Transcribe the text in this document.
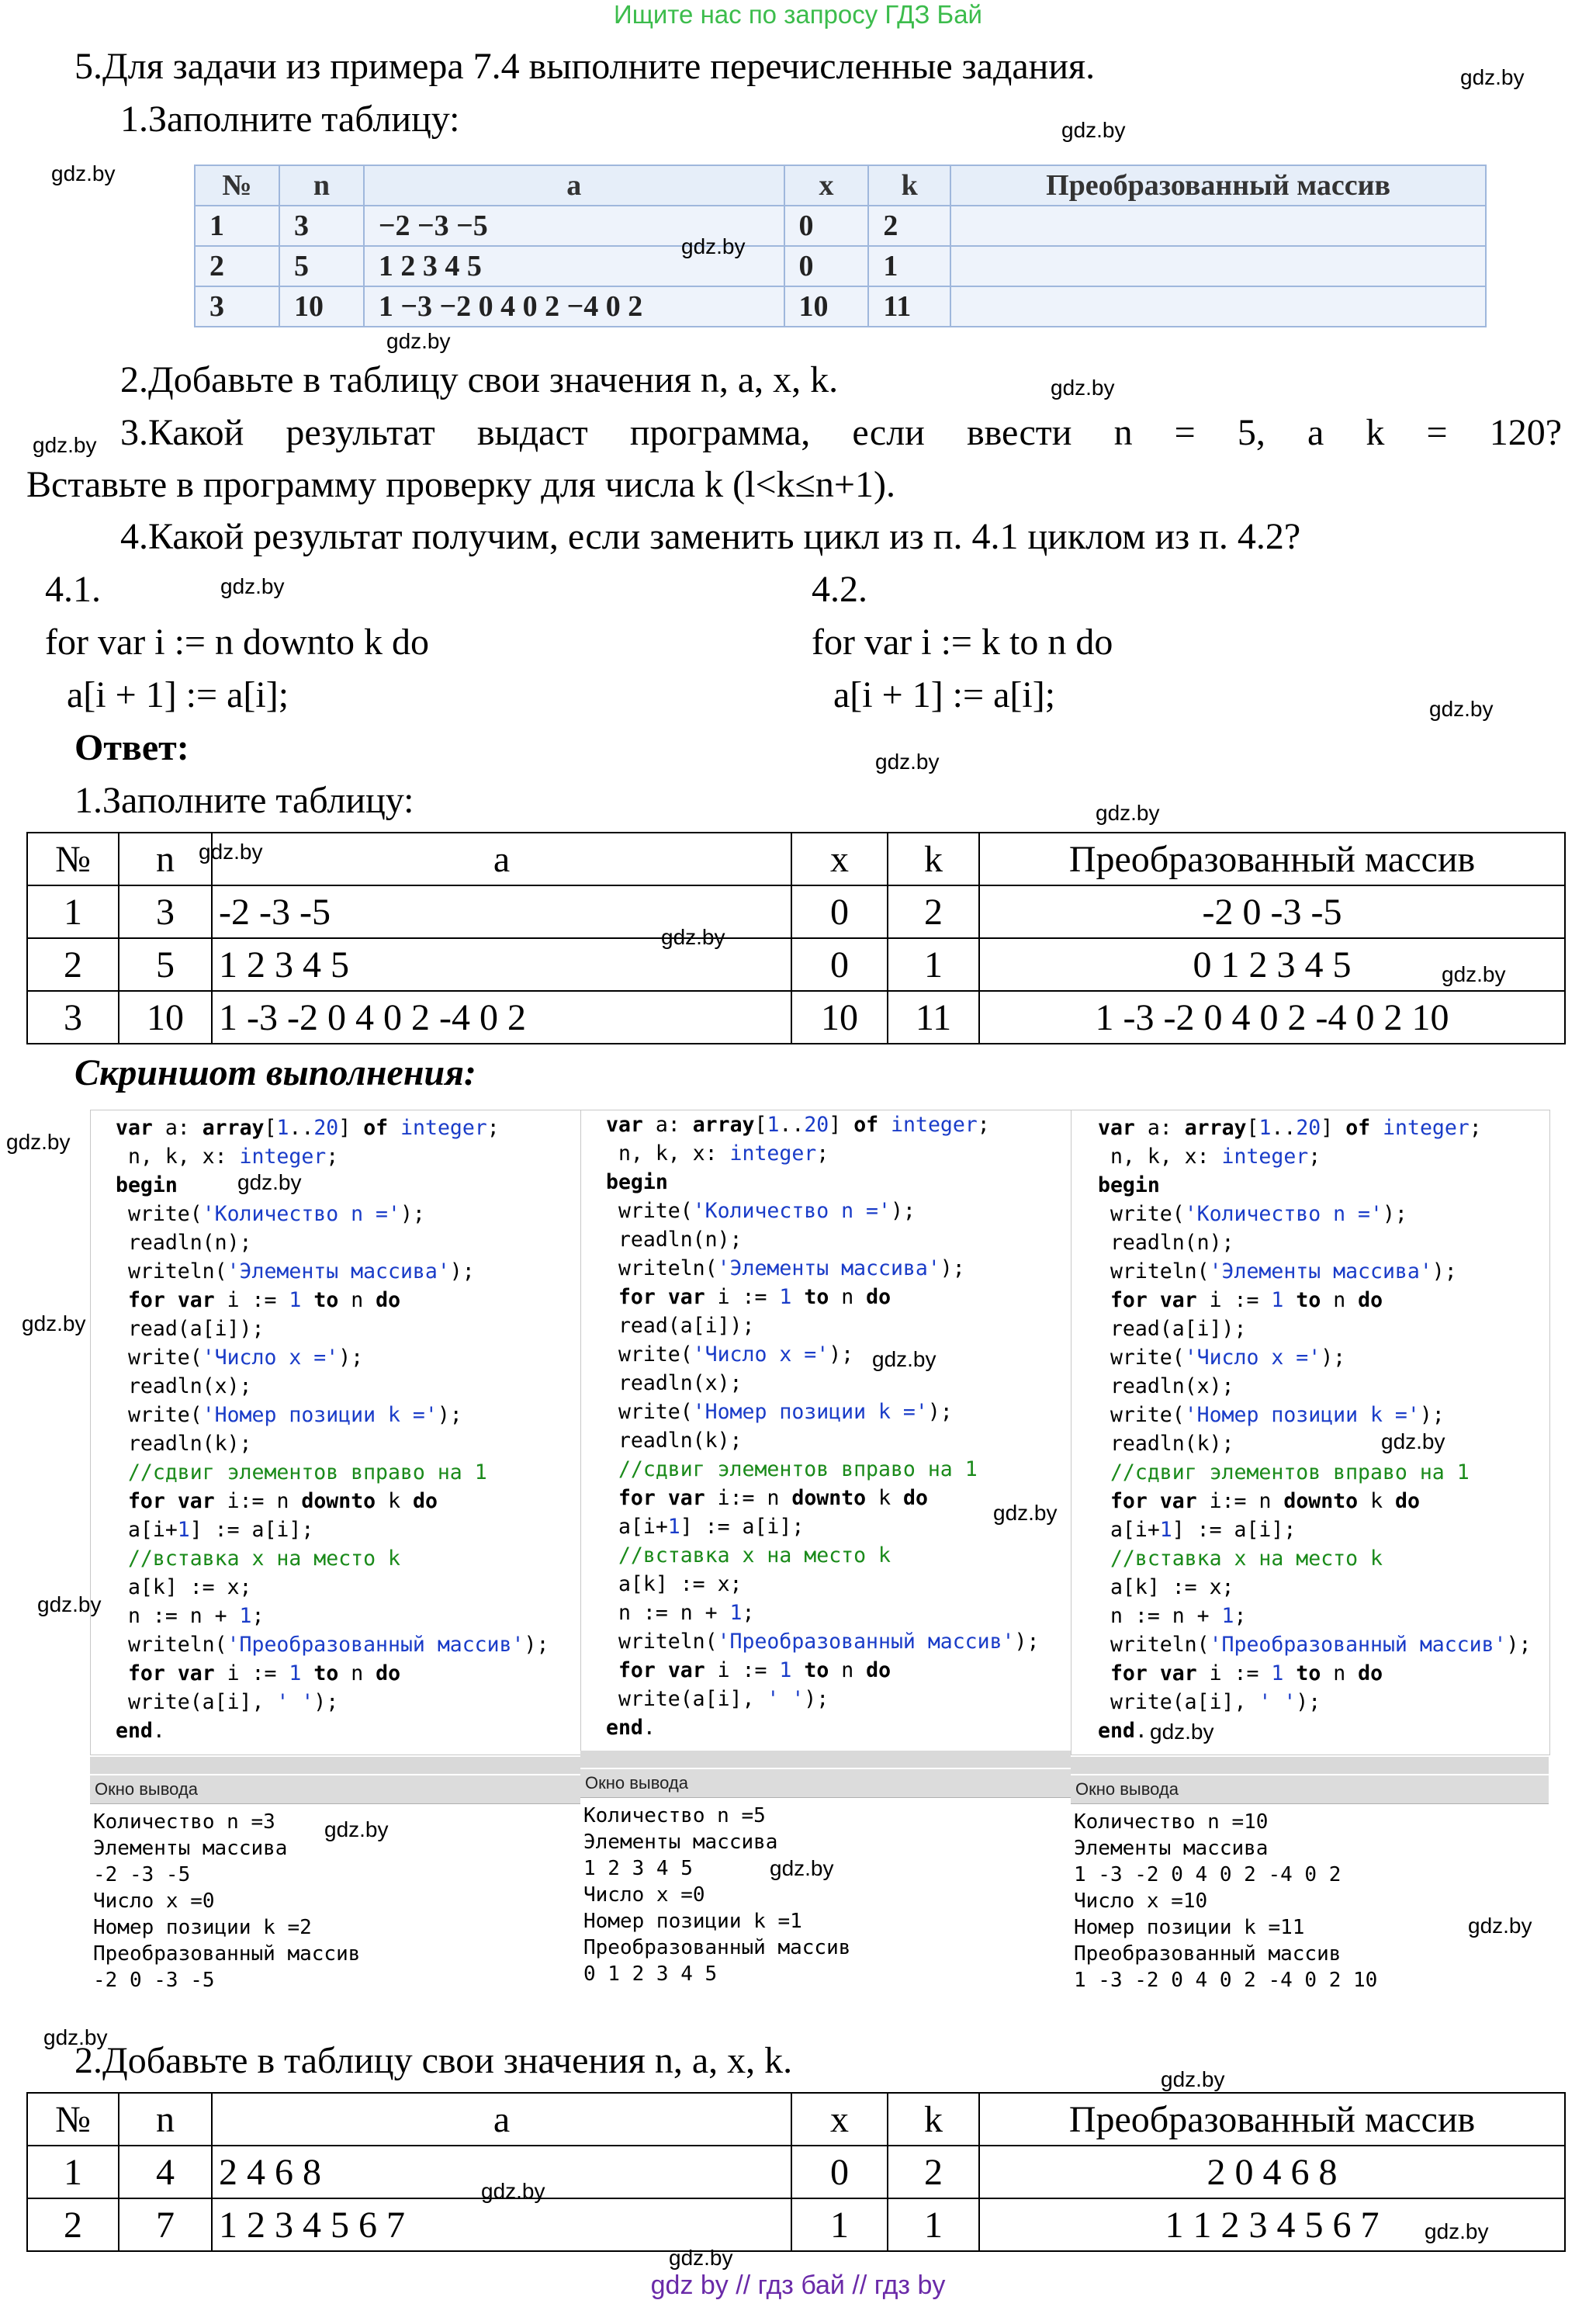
Ищите нас по запросу ГДЗ Бай
5.Для задачи из примера 7.4 выполните перечисленные задания.
1.Заполните таблицу:
№	n	a	x	k	Преобразованный массив
1	3	−2 −3 −5	0	2	
2	5	1 2 3 4 5	0	1	
3	10	1 −3 −2 0 4 0 2 −4 0 2	10	11	
2.Добавьте в таблицу свои значения n, a, x, k.
3.Какой результат выдаст программа, если ввести n = 5, а k = 120?
Вставьте в программу проверку для числа k (l<k≤n+1).
4.Какой результат получим, если заменить цикл из п. 4.1 циклом из п. 4.2?
4.1.
for var i := n downto k do
a[i + 1] := a[i];
4.2.
for var i := k to n do
a[i + 1] := a[i];
Ответ:
1.Заполните таблицу:
№	n	a	x	k	Преобразованный массив
1	3	-2 -3 -5	0	2	-2 0 -3 -5
2	5	1 2 3 4 5	0	1	0 1 2 3 4 5
3	10	1 -3 -2 0 4 0 2 -4 0 2	10	11	1 -3 -2 0 4 0 2 -4 0 2 10
Скриншот выполнения:
var a: array[1..20] of integer;
n, k, x: integer;
begin
write('Количество n =');
readln(n);
writeln('Элементы массива');
for var i := 1 to n do
read(a[i]);
write('Число x =');
readln(x);
write('Номер позиции k =');
readln(k);
//сдвиг элементов вправо на 1
for var i:= n downto k do
a[i+1] := a[i];
//вставка x на место k
a[k] := x;
n := n + 1;
writeln('Преобразованный массив');
for var i := 1 to n do
write(a[i], ' ');
end.
var a: array[1..20] of integer;
n, k, x: integer;
begin
write('Количество n =');
readln(n);
writeln('Элементы массива');
for var i := 1 to n do
read(a[i]);
write('Число x =');
readln(x);
write('Номер позиции k =');
readln(k);
//сдвиг элементов вправо на 1
for var i:= n downto k do
a[i+1] := a[i];
//вставка x на место k
a[k] := x;
n := n + 1;
writeln('Преобразованный массив');
for var i := 1 to n do
write(a[i], ' ');
end.
var a: array[1..20] of integer;
n, k, x: integer;
begin
write('Количество n =');
readln(n);
writeln('Элементы массива');
for var i := 1 to n do
read(a[i]);
write('Число x =');
readln(x);
write('Номер позиции k =');
readln(k);
//сдвиг элементов вправо на 1
for var i:= n downto k do
a[i+1] := a[i];
//вставка x на место k
a[k] := x;
n := n + 1;
writeln('Преобразованный массив');
for var i := 1 to n do
write(a[i], ' ');
end.
Окно вывода
Количество n =3
Элементы массива
-2 -3 -5
Число x =0
Номер позиции k =2
Преобразованный массив
-2 0 -3 -5
Окно вывода
Количество n =5
Элементы массива
1 2 3 4 5
Число x =0
Номер позиции k =1
Преобразованный массив
0 1 2 3 4 5
Окно вывода
Количество n =10
Элементы массива
1 -3 -2 0 4 0 2 -4 0 2
Число x =10
Номер позиции k =11
Преобразованный массив
1 -3 -2 0 4 0 2 -4 0 2 10
2.Добавьте в таблицу свои значения n, a, x, k.
№	n	a	x	k	Преобразованный массив
1	4	2 4 6 8	0	2	2 0 4 6 8
2	7	1 2 3 4 5 6 7	1	1	1 1 2 3 4 5 6 7
gdz.by
gdz.by
gdz.by
gdz.by
gdz.by
gdz.by
gdz.by
gdz.by
gdz.by
gdz.by
gdz.by
gdz.by
gdz.by
gdz.by
gdz.by
gdz.by
gdz.by
gdz.by
gdz.by
gdz.by
gdz.by
gdz.by
gdz.by
gdz.by
gdz.by
gdz.by
gdz.by
gdz.by
gdz.by
gdz.by
gdz by // гдз бай // гдз by
